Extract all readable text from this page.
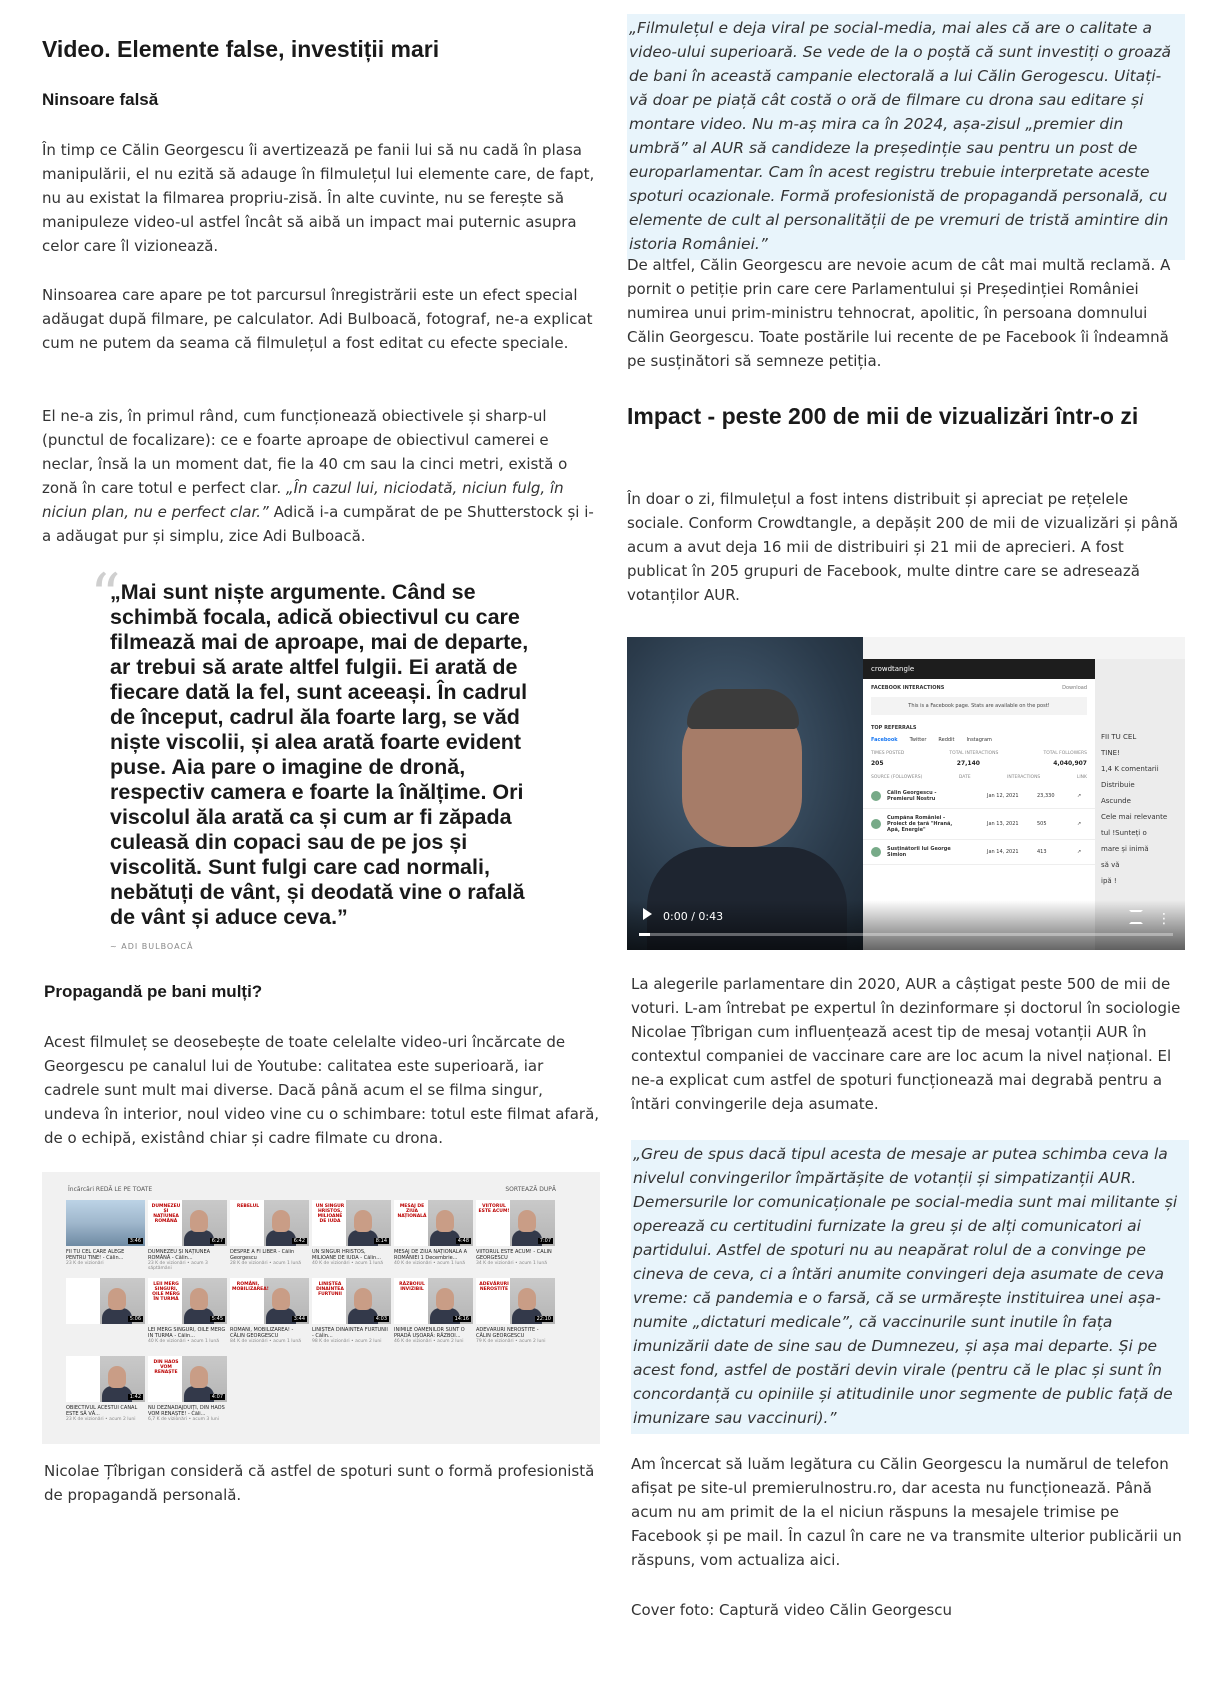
Video. Elemente false, investiții mari
Ninsoare falsă

În timp ce Călin Georgescu îi avertizează pe fanii lui să nu cadă în plasa manipulării, el nu ezită să adauge în filmulețul lui elemente care, de fapt, nu au existat la filmarea propriu-zisă. În alte cuvinte, nu se ferește să manipuleze video-ul astfel încât să aibă un impact mai puternic asupra celor care îl vizionează.

Ninsoarea care apare pe tot parcursul înregistrării este un efect special adăugat după filmare, pe calculator. Adi Bulboacă, fotograf, ne-a explicat cum ne putem da seama că filmulețul a fost editat cu efecte speciale.

El ne-a zis, în primul rând, cum funcționează obiectivele și sharp-ul (punctul de focalizare): ce e foarte aproape de obiectivul camerei e neclar, însă la un moment dat, fie la 40 cm sau la cinci metri, există o zonă în care totul e perfect clar. „În cazul lui, niciodată, niciun fulg, în niciun plan, nu e perfect clar.” Adică i-a cumpărat de pe Shutterstock și i-a adăugat pur și simplu, zice Adi Bulboacă.

“
„Mai sunt niște argumente. Când se schimbă focala, adică obiectivul cu care filmează mai de aproape, mai de departe, ar trebui să arate altfel fulgii. Ei arată de fiecare dată la fel, sunt aceeași. În cadrul de început, cadrul ăla foarte larg, se văd niște viscolii, și alea arată foarte evident puse. Aia pare o imagine de dronă, respectiv camera e foarte la înălțime. Ori viscolul ăla arată ca și cum ar fi zăpada culeasă din copaci sau de pe jos și viscolită. Sunt fulgi care cad normali, nebătuți de vânt, și deodată vine o rafală de vânt și aduce ceva.”
~ ADI BULBOACĂ
Propagandă pe bani mulți?

Acest filmuleț se deosebește de toate celelalte video-uri încărcate de Georgescu pe canalul lui de Youtube: calitatea este superioară, iar cadrele sunt mult mai diverse. Dacă până acum el se filma singur, undeva în interior, noul video vine cu o schimbare: totul este filmat afară, de o echipă, existând chiar și cadre filmate cu drona.

Nicolae Țîbrigan consideră că astfel de spoturi sunt o formă profesionistă de propagandă personală.

Încărcări REDĂ LE PE TOATE	SORTEAZĂ DUPĂ
3:46
FII TU CEL CARE ALEGE PENTRU TINE! - Călin...
23 K de vizionări
DUMNEZEU ȘI NAȚIUNEA ROMÂNĂ
6:27
DUMNEZEU ȘI NAȚIUNEA ROMÂNĂ - Călin...
23 K de vizionări • acum 3 săptămâni
REBELUL
6:42
DESPRE A FI LIBER - Călin Georgescu
28 K de vizionări • acum 1 lună
UN SINGUR HRISTOS, MILIOANE DE IUDA
8:14
UN SINGUR HRISTOS, MILIOANE DE IUDA - Călin...
40 K de vizionări • acum 1 lună
MESAJ DE ZIUA NAȚIONALĂ
4:48
MESAJ DE ZIUA NAȚIONALĂ A ROMÂNIEI 1 Decembrie...
40 K de vizionări • acum 1 lună
VIITORUL ESTE ACUM!
7:07
VIITORUL ESTE ACUM! - CĂLIN GEORGESCU
34 K de vizionări • acum 1 lună
5:06
LEII MERG SINGURI, OILE MERG ÎN TURMĂ
5:45
LEI MERG SINGURI, OILE MERG IN TURMA - Călin...
40 K de vizionări • acum 1 lună
ROMÂNI, MOBILIZAREA!
3:44
ROMANI, MOBILIZAREA! - CĂLIN GEORGESCU
84 K de vizionări • acum 1 lună
LINIȘTEA DINAINTEA FURTUNII
4:03
LINIȘTEA DINAINTEA FURTUNII - Călin...
98 K de vizionări • acum 2 luni
RĂZBOIUL INVIZIBIL
14:16
INIMILE OAMENILOR SUNT O PRADĂ UȘOARĂ: RĂZBOI...
46 K de vizionări • acum 2 luni
ADEVĂRURI NEROSTITE
22:10
ADEVĂRURI NEROSTITE - CĂLIN GEORGESCU
79 K de vizionări • acum 2 luni
1:42
OBIECTIVUL ACESTUI CANAL ESTE SĂ VĂ...
23 K de vizionări • acum 2 luni
DIN HAOS VOM RENAȘTE
4:07
NU DEZNĂDĂJDUIȚI, DIN HAOS VOM RENAȘTE! - Căli...
6,7 K de vizionări • acum 3 luni
„Filmulețul e deja viral pe social-media, mai ales că are o calitate a video-ului superioară. Se vede de la o poștă că sunt investiți o groază de bani în această campanie electorală a lui Călin Gerogescu. Uitați-vă doar pe piață cât costă o oră de filmare cu drona sau editare și montare video. Nu m-aș mira ca în 2024, așa-zisul „premier din umbră” al AUR să candideze la președinție sau pentru un post de europarlamentar. Cam în acest registru trebuie interpretate aceste spoturi ocazionale. Formă profesionistă de propagandă personală, cu elemente de cult al personalității de pe vremuri de tristă amintire din istoria României.”

De altfel, Călin Georgescu are nevoie acum de cât mai multă reclamă. A pornit o petiție prin care cere Parlamentului și Președinției României numirea unui prim-ministru tehnocrat, apolitic, în persoana domnului Călin Georgescu. Toate postările lui recente de pe Facebook îi îndeamnă pe susținători să semneze petiția.

Impact - peste 200 de mii de vizualizări într-o zi

În doar o zi, filmulețul a fost intens distribuit și apreciat pe rețelele sociale. Conform Crowdtangle, a depășit 200 de mii de vizualizări și până acum a avut deja 16 mii de distribuiri și 21 mii de aprecieri. A fost publicat în 205 grupuri de Facebook, multe dintre care se adresează votanților AUR.

La alegerile parlamentare din 2020, AUR a câștigat peste 500 de mii de voturi. L-am întrebat pe expertul în dezinformare și doctorul în sociologie Nicolae Țîbrigan cum influențează acest tip de mesaj votanții AUR în contextul companiei de vaccinare care are loc acum la nivel național. El ne-a explicat cum astfel de spoturi funcționează mai degrabă pentru a întări convingerile deja asumate.

„Greu de spus dacă tipul acesta de mesaje ar putea schimba ceva la nivelul convingerilor împărtășite de votanții și simpatizanții AUR. Demersurile lor comunicaționale pe social-media sunt mai militante și operează cu certitudini furnizate la greu și de alți comunicatori ai partidului. Astfel de spoturi nu au neapărat rolul de a convinge pe cineva de ceva, ci a întări anumite convingeri deja asumate de ceva vreme: că pandemia e o farsă, că se urmărește instituirea unei așa-numite „dictaturi medicale”, că vaccinurile sunt inutile în fața imunizării date de sine sau de Dumnezeu, și așa mai departe. Și pe acest fond, astfel de postări devin virale (pentru că le plac și sunt în concordanță cu opiniile și atitudinile unor segmente de public față de imunizare sau vaccinuri).”

Am încercat să luăm legătura cu Călin Georgescu la numărul de telefon afișat pe site-ul premierulnostru.ro, dar acesta nu funcționează. Până acum nu am primit de la el niciun răspuns la mesajele trimise pe Facebook și pe mail. În cazul în care ne va transmite ulterior publicării un răspuns, vom actualiza aici.

Cover foto: Captură video Călin Georgescu

crowdtangle
FACEBOOK INTERACTIONS	Download
This is a Facebook page. Stats are available on the post!
TOP REFERRALS
Facebook Twitter Reddit Instagram
TIMES POSTED	TOTAL INTERACTIONS	TOTAL FOLLOWERS
205	27,140	4,040,907
SOURCE (FOLLOWERS)	DATE	INTERACTIONS	LINK
Călin Georgescu - Premierul Nostru	Jan 12, 2021	23,330	↗
Cumpăna României - Proiect de țară "Hrană, Apă, Energie"
Jan 13, 2021	505	↗
Susținătorii lui George Simion	Jan 14, 2021	413	↗
FII TU CEL
TINE!
1,4 K comentarii
Distribuie
Ascunde
Cele mai relevante
tul !Sunteți o
mare și inimă
să vă
ipă !
0:00 / 0:43	⋮
